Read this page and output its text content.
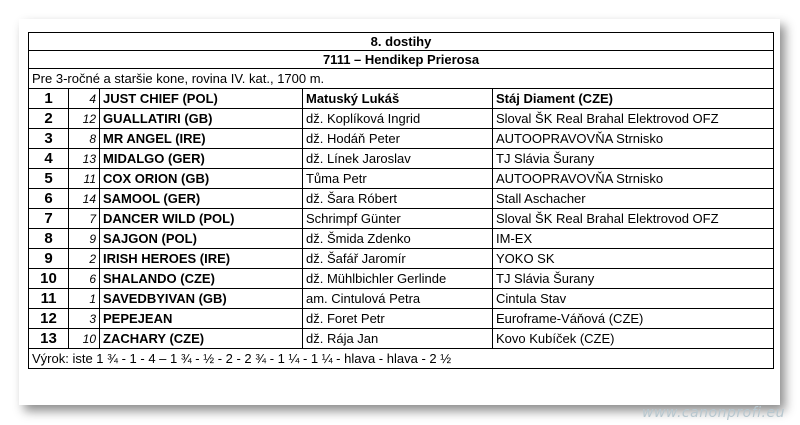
8. dostihy				
7111 – Hendikep Prierosa				
Pre 3-ročné a staršie kone, rovina IV. kat., 1700 m.				
1	4	JUST CHIEF (POL)	Matuský Lukáš	Stáj Diament (CZE)
2	12	GUALLATIRI (GB)	dž. Koplíková Ingrid	Sloval ŠK Real Brahal Elektrovod OFZ
3	8	MR ANGEL (IRE)	dž. Hodáň Peter	AUTOOPRAVOVŇA Strnisko
4	13	MIDALGO (GER)	dž. Línek Jaroslav	TJ Slávia Šurany
5	11	COX ORION (GB)	Tůma Petr	AUTOOPRAVOVŇA Strnisko
6	14	SAMOOL (GER)	dž. Šara Róbert	Stall Aschacher
7	7	DANCER WILD (POL)	Schrimpf Günter	Sloval ŠK Real Brahal Elektrovod OFZ
8	9	SAJGON (POL)	dž. Šmida Zdenko	IM-EX
9	2	IRISH HEROES (IRE)	dž. Šafář Jaromír	YOKO SK
10	6	SHALANDO (CZE)	dž. Mühlbichler Gerlinde	TJ Slávia Šurany
11	1	SAVEDBYIVAN (GB)	am. Cintulová Petra	Cintula Stav
12	3	PEPEJEAN	dž. Foret Petr	Euroframe-Váňová (CZE)
13	10	ZACHARY (CZE)	dž. Rája Jan	Kovo Kubíček (CZE)
Výrok: iste 1 ¾ - 1 - 4 – 1 ¾ - ½ - 2 - 2 ¾ - 1 ¼ - 1 ¼ - hlava - hlava - 2 ½				
www.canonprofi.eu
